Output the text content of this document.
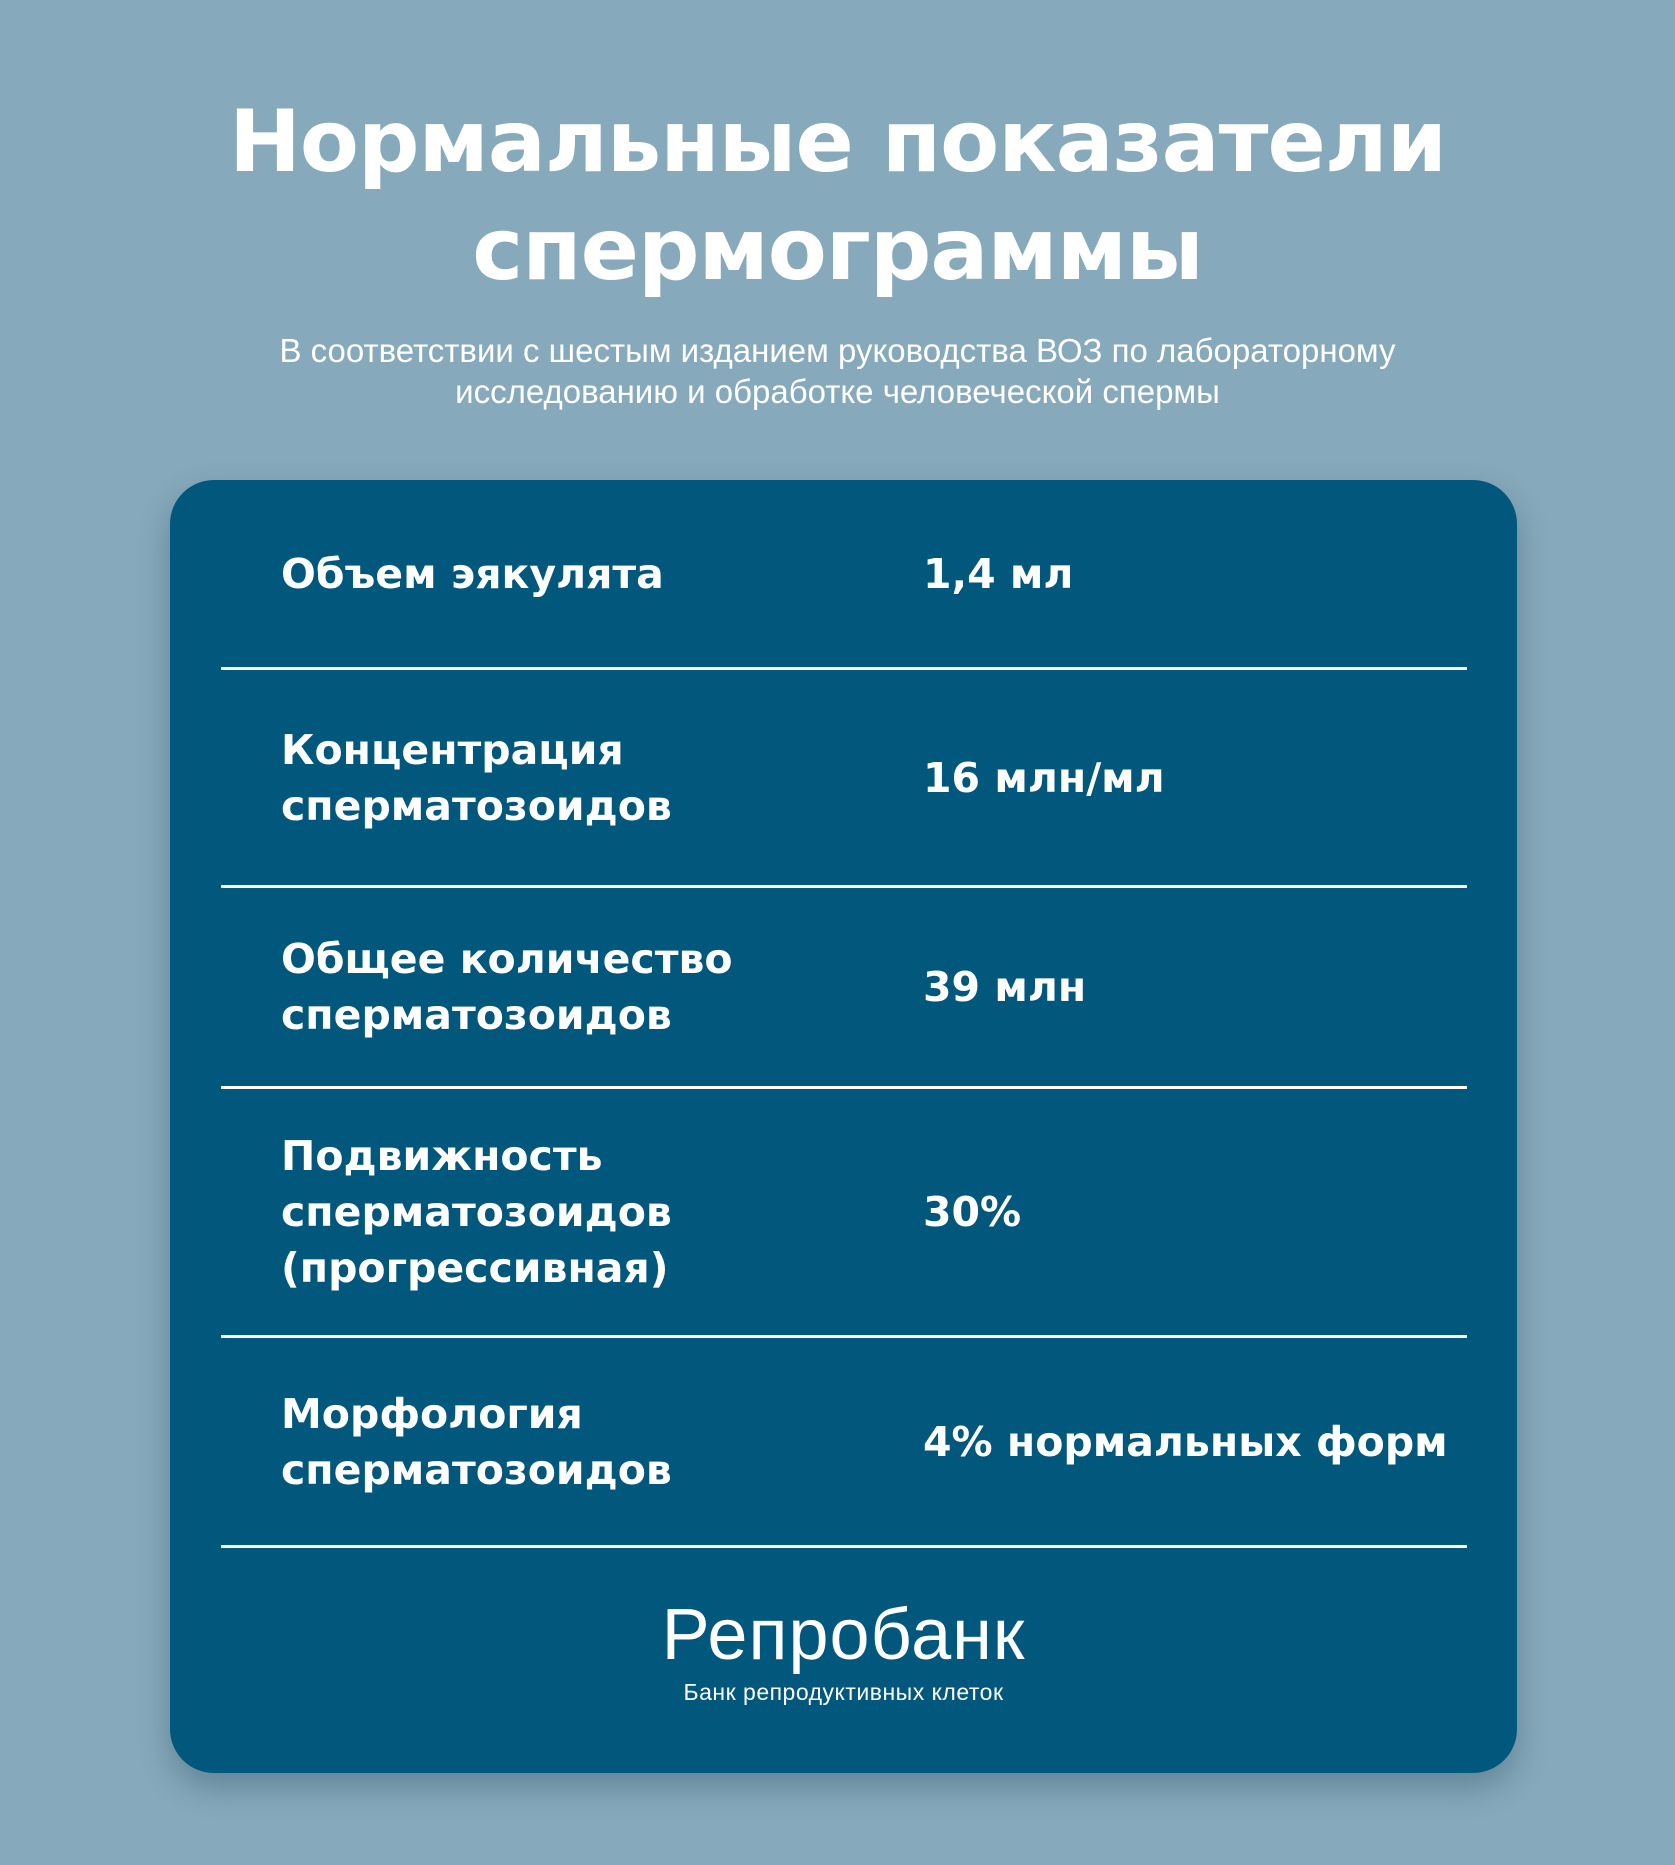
Нормальные показатели спермограммы
В соответствии с шестым изданием руководства ВОЗ по лабораторному
исследованию и обработке человеческой спермы
Объем эякулята	1,4 мл
Концентрация
сперматозоидов
16 млн/мл
Общее количество
сперматозоидов
39 млн
Подвижность
сперматозоидов
(прогрессивная)
30%
Морфология
сперматозоидов
4% нормальных форм
Репробанк
Банк репродуктивных клеток
